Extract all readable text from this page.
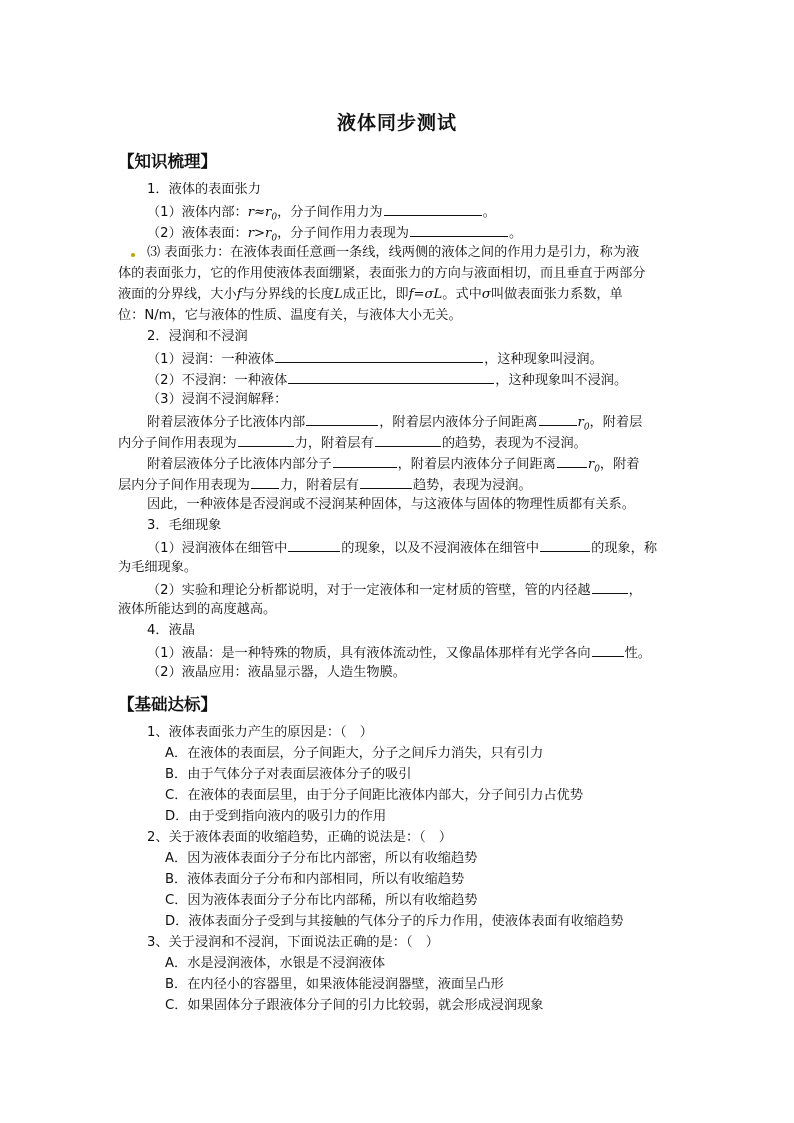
液体同步测试
【知识梳理】
1．液体的表面张力
（1）液体内部：$r\approx r_0$，分子间作用力为	。
（2）液体表面：$r>r_0$，分子间作用力表现为	。
⑶ 表面张力：在液体表面任意画一条线，线两侧的液体之间的作用力是引力，称为液
体的表面张力，它的作用使液体表面绷紧，表面张力的方向与液面相切，而且垂直于两部分
液面的分界线，大小f与分界线的长度L成正比，即f=σL。式中σ叫做表面张力系数，单
位：N/m，它与液体的性质、温度有关，与液体大小无关。
2．浸润和不浸润
（1）浸润：一种液体	，这种现象叫浸润。
（2）不浸润：一种液体	，这种现象叫不浸润。
（3）浸润不浸润解释：
附着层液体分子比液体内部	，附着层内液体分子间距离	$r_0$，附着层
内分子间作用表现为	力，附着层有	的趋势，表现为不浸润。
附着层液体分子比液体内部分子	，附着层内液体分子间距离 $r_0$，附着
层内分子间作用表现为 力，附着层有	趋势，表现为浸润。
因此，一种液体是否浸润或不浸润某种固体，与这液体与固体的物理性质都有关系。
3．毛细现象
（1）浸润液体在细管中	的现象，以及不浸润液体在细管中	的现象，称
为毛细现象。
（2）实验和理论分析都说明，对于一定液体和一定材质的管壁，管的内径越	，
液体所能达到的高度越高。
4．液晶
（1）液晶：是一种特殊的物质，具有液体流动性，又像晶体那样有光学各向	性。
（2）液晶应用：液晶显示器，人造生物膜。
【基础达标】
1、液体表面张力产生的原因是：（　）
A．在液体的表面层，分子间距大，分子之间斥力消失，只有引力
B．由于气体分子对表面层液体分子的吸引
C．在液体的表面层里，由于分子间距比液体内部大，分子间引力占优势
D．由于受到指向液内的吸引力的作用
2、关于液体表面的收缩趋势，正确的说法是：（　）
A．因为液体表面分子分布比内部密，所以有收缩趋势
B．液体表面分子分布和内部相同，所以有收缩趋势
C．因为液体表面分子分布比内部稀，所以有收缩趋势
D．液体表面分子受到与其接触的气体分子的斥力作用，使液体表面有收缩趋势
3、关于浸润和不浸润，下面说法正确的是：（　）
A．水是浸润液体，水银是不浸润液体
B．在内径小的容器里，如果液体能浸润器壁，液面呈凸形
C．如果固体分子跟液体分子间的引力比较弱，就会形成浸润现象
